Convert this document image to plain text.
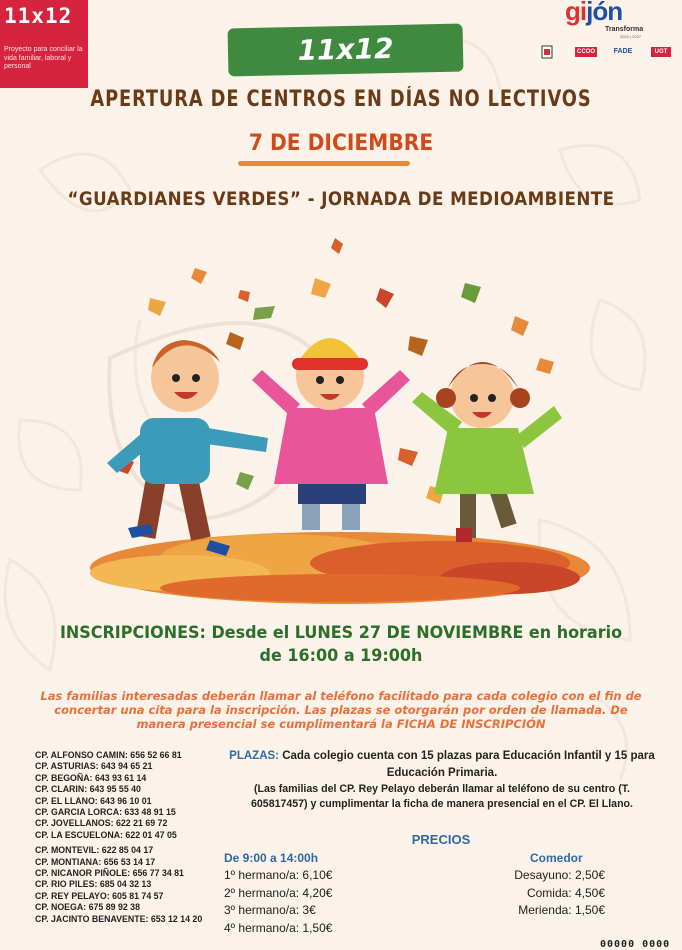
11x12
Proyecto para conciliar la vida familiar, laboral y personal
gijón
Transforma
2023 | 2027
CCOO	FADE	UGT
11x12
APERTURA DE CENTROS EN DÍAS NO LECTIVOS
7 DE DICIEMBRE
“GUARDIANES VERDES” - JORNADA DE MEDIOAMBIENTE
INSCRIPCIONES: Desde el LUNES 27 DE NOVIEMBRE en horario
de 16:00 a 19:00h
Las familias interesadas deberán llamar al teléfono facilitado para cada colegio con el fin de concertar una cita para la inscripción. Las plazas se otorgarán por orden de llamada. De manera presencial se cumplimentará la FICHA DE INSCRIPCIÓN
CP. ALFONSO CAMIN: 656 52 66 81
CP. ASTURIAS: 643 94 65 21
CP. BEGOÑA: 643 93 61 14
CP. CLARIN: 643 95 55 40
CP. EL LLANO: 643 96 10 01
CP. GARCIA LORCA: 633 48 91 15
CP. JOVELLANOS: 622 21 69 72
CP. LA ESCUELONA: 622 01 47 05
CP. MONTEVIL: 622 85 04 17
CP. MONTIANA: 656 53 14 17
CP. NICANOR PIÑOLE: 656 77 34 81
CP. RIO PILES: 685 04 32 13
CP. REY PELAYO: 605 81 74 57
CP. NOEGA: 675 89 92 38
CP. JACINTO BENAVENTE: 653 12 14 20
PLAZAS: Cada colegio cuenta con 15 plazas para Educación Infantil y 15 para Educación Primaria.
(Las familias del CP. Rey Pelayo deberán llamar al teléfono de su centro (T. 605817457) y cumplimentar la ficha de manera presencial en el CP. El Llano.
PRECIOS
De 9:00 a 14:00h
1º hermano/a: 6,10€
2º hermano/a: 4,20€
3º hermano/a: 3€
4º hermano/a: 1,50€
Comedor
Desayuno: 2,50€
Comida: 4,50€
Merienda: 1,50€
00000 0000
